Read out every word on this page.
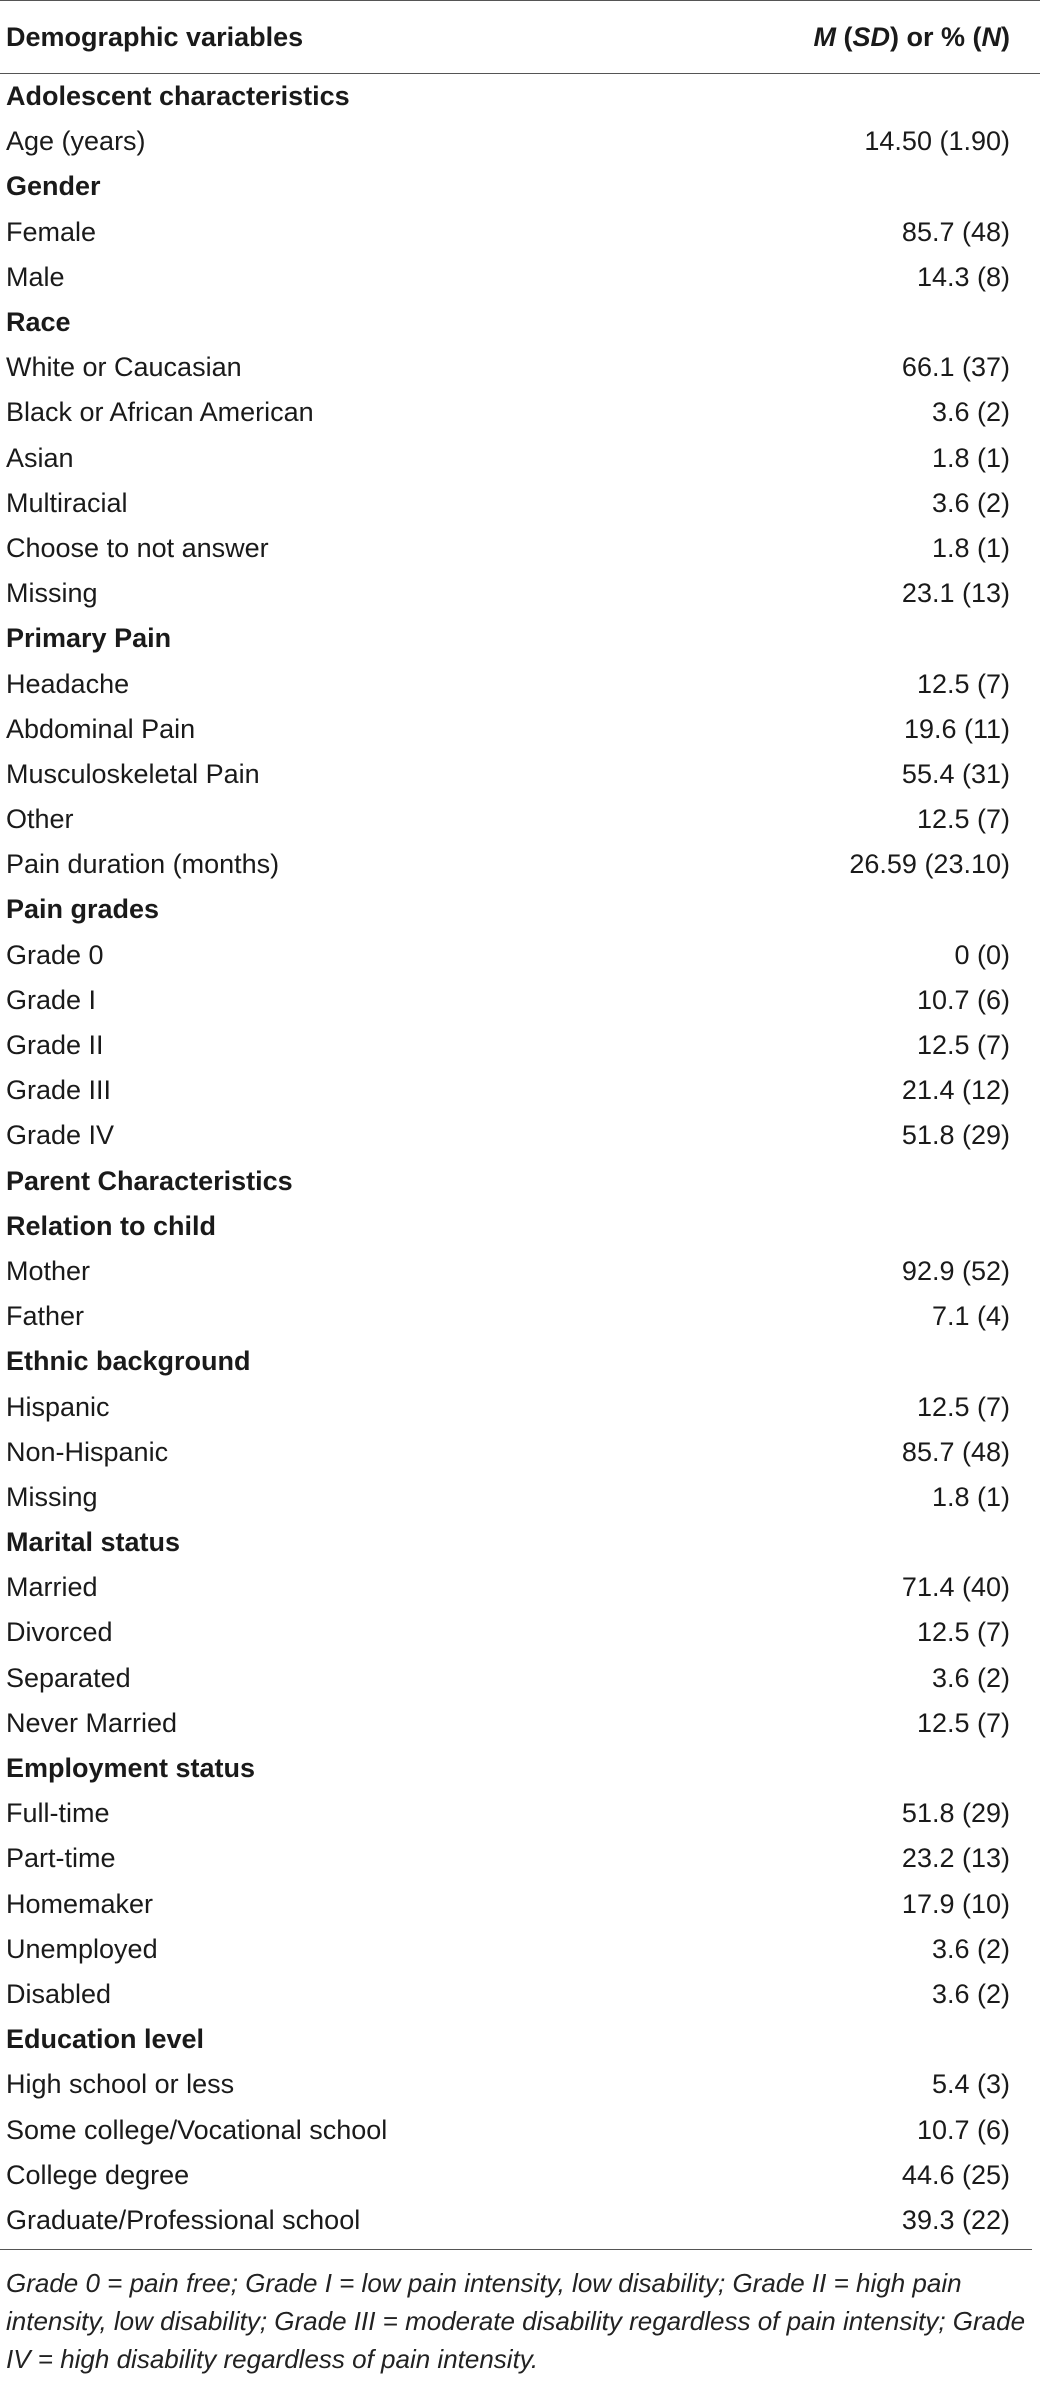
Demographic variables	M (SD) or % (N)
Adolescent characteristics	
Age (years)	14.50 (1.90)
Gender	
Female	85.7 (48)
Male	14.3 (8)
Race	
White or Caucasian	66.1 (37)
Black or African American	3.6 (2)
Asian	1.8 (1)
Multiracial	3.6 (2)
Choose to not answer	1.8 (1)
Missing	23.1 (13)
Primary Pain	
Headache	12.5 (7)
Abdominal Pain	19.6 (11)
Musculoskeletal Pain	55.4 (31)
Other	12.5 (7)
Pain duration (months)	26.59 (23.10)
Pain grades	
Grade 0	0 (0)
Grade I	10.7 (6)
Grade II	12.5 (7)
Grade III	21.4 (12)
Grade IV	51.8 (29)
Parent Characteristics	
Relation to child	
Mother	92.9 (52)
Father	7.1 (4)
Ethnic background	
Hispanic	12.5 (7)
Non-Hispanic	85.7 (48)
Missing	1.8 (1)
Marital status	
Married	71.4 (40)
Divorced	12.5 (7)
Separated	3.6 (2)
Never Married	12.5 (7)
Employment status	
Full-time	51.8 (29)
Part-time	23.2 (13)
Homemaker	17.9 (10)
Unemployed	3.6 (2)
Disabled	3.6 (2)
Education level	
High school or less	5.4 (3)
Some college/Vocational school	10.7 (6)
College degree	44.6 (25)
Graduate/Professional school	39.3 (22)
Grade 0 = pain free; Grade I = low pain intensity, low disability; Grade II = high pain intensity, low disability; Grade III = moderate disability regardless of pain intensity; Grade IV = high disability regardless of pain intensity.
